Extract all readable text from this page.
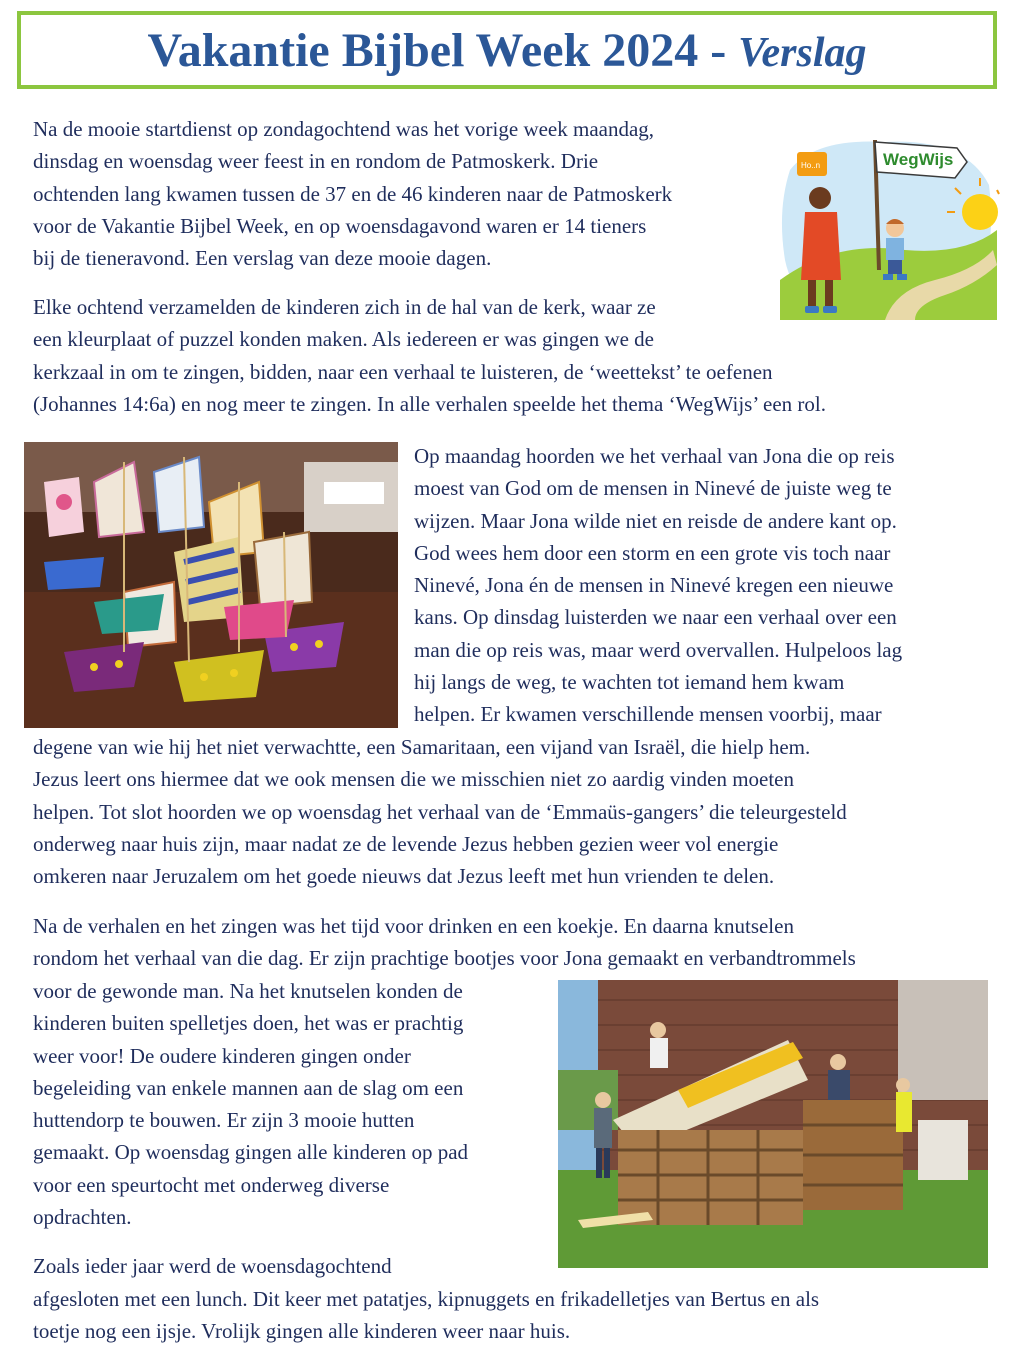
Vakantie Bijbel Week 2024 - Verslag

Na de mooie startdienst op zondagochtend was het vorige week maandag,
dinsdag en woensdag weer feest in en rondom de Patmoskerk. Drie
ochtenden lang kwamen tussen de 37 en de 46 kinderen naar de Patmoskerk
voor de Vakantie Bijbel Week, en op woensdagavond waren er 14 tieners
bij de tieneravond. Een verslag van deze mooie dagen.

Elke ochtend verzamelden de kinderen zich in de hal van de kerk, waar ze
een kleurplaat of puzzel konden maken. Als iedereen er was gingen we de

kerkzaal in om te zingen, bidden, naar een verhaal te luisteren, de ‘weettekst’ te oefenen
(Johannes 14:6a) en nog meer te zingen. In alle verhalen speelde het thema ‘WegWijs’ een rol.

Op maandag hoorden we het verhaal van Jona die op reis
moest van God om de mensen in Ninevé de juiste weg te
wijzen. Maar Jona wilde niet en reisde de andere kant op.
God wees hem door een storm en een grote vis toch naar
Ninevé, Jona én de mensen in Ninevé kregen een nieuwe
kans. Op dinsdag luisterden we naar een verhaal over een
man die op reis was, maar werd overvallen. Hulpeloos lag
hij langs de weg, te wachten tot iemand hem kwam
helpen. Er kwamen verschillende mensen voorbij, maar

degene van wie hij het niet verwachtte, een Samaritaan, een vijand van Israël, die hielp hem.
Jezus leert ons hiermee dat we ook mensen die we misschien niet zo aardig vinden moeten
helpen. Tot slot hoorden we op woensdag het verhaal van de ‘Emmaüs-gangers’ die teleurgesteld
onderweg naar huis zijn, maar nadat ze de levende Jezus hebben gezien weer vol energie
omkeren naar Jeruzalem om het goede nieuws dat Jezus leeft met hun vrienden te delen.

Na de verhalen en het zingen was het tijd voor drinken en een koekje. En daarna knutselen
rondom het verhaal van die dag. Er zijn prachtige bootjes voor Jona gemaakt en verbandtrommels

voor de gewonde man. Na het knutselen konden de
kinderen buiten spelletjes doen, het was er prachtig
weer voor! De oudere kinderen gingen onder
begeleiding van enkele mannen aan de slag om een
huttendorp te bouwen. Er zijn 3 mooie hutten
gemaakt. Op woensdag gingen alle kinderen op pad
voor een speurtocht met onderweg diverse
opdrachten.

Zoals ieder jaar werd de woensdagochtend

afgesloten met een lunch. Dit keer met patatjes, kipnuggets en frikadelletjes van Bertus en als
toetje nog een ijsje. Vrolijk gingen alle kinderen weer naar huis.

WegWijs
Ho..n
